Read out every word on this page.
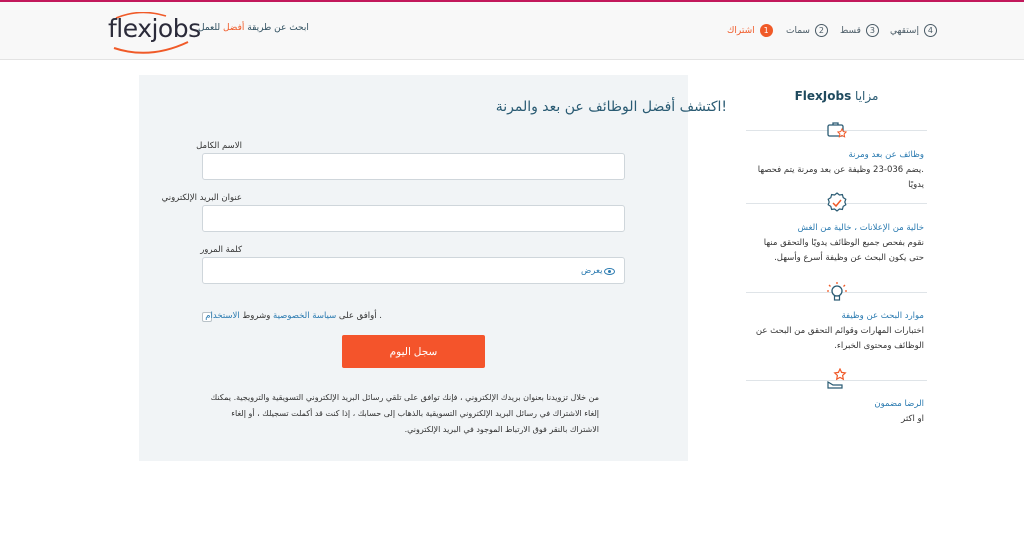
flexjobs	ابحث عن طريقة أفضل للعمل	1
اشتراك	2
سمات	3
قسط	4
إستقهي
!اكتشف أفضل الوظائف عن بعد والمرنة
الاسم الكامل
عنوان البريد الإلكتروني
كلمة المرور
يعرض
. أوافق على سياسة الخصوصية وشروط الاستخدام
سجل اليوم
من خلال تزويدنا بعنوان بريدك الإلكتروني ، فإنك توافق على تلقي رسائل البريد الإلكتروني التسويقية والترويجية. يمكنك إلغاء الاشتراك في رسائل البريد الإلكتروني التسويقية بالذهاب إلى حسابك ، إذا كنت قد أكملت تسجيلك ، أو إلغاء الاشتراك بالنقر فوق الارتباط الموجود في البريد الإلكتروني.
مزايا FlexJobs
وظائف عن بعد ومرنة
.يضم 036-23 وظيفة عن بعد ومرنة يتم فحصها يدويًا
خالية من الإعلانات ، خالية من الغش
نقوم بفحص جميع الوظائف يدويًا والتحقق منها حتى يكون البحث عن وظيفة أسرع وأسهل.
موارد البحث عن وظيفة
اختبارات المهارات وقوائم التحقق من البحث عن الوظائف ومحتوى الخبراء.
الرضا مضمون
او اكثر
